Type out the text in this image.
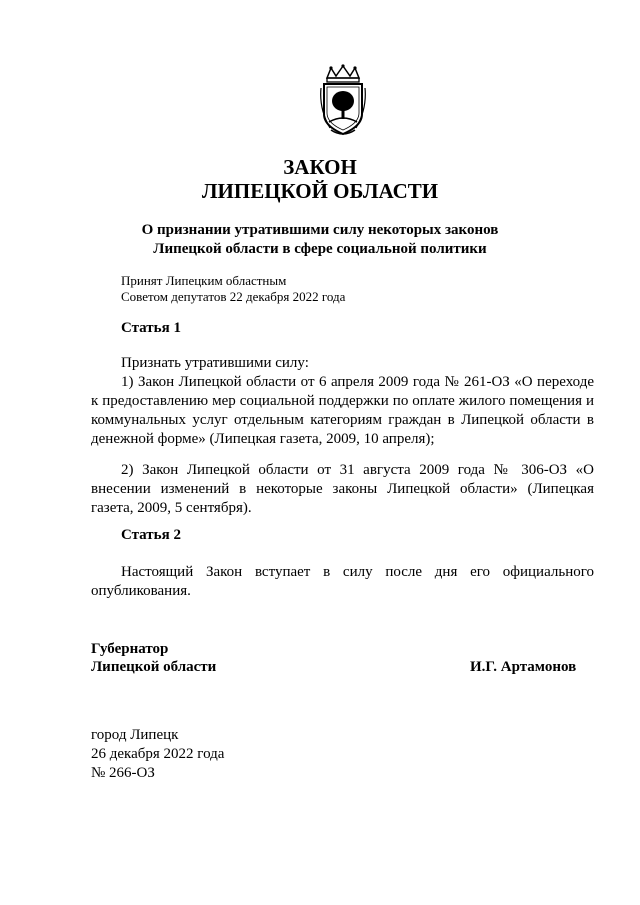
ЗАКОН
ЛИПЕЦКОЙ ОБЛАСТИ
О признании утратившими силу некоторых законов
Липецкой области в сфере социальной политики
Принят Липецким областным
Советом депутатов 22 декабря 2022 года
Статья 1
Признать утратившими силу:
1) Закон Липецкой области от 6 апреля 2009 года № 261-ОЗ «О переходе
к предоставлению мер социальной поддержки по оплате жилого помещения и коммунальных услуг отдельным категориям граждан в Липецкой области в денежной форме» (Липецкая газета, 2009, 10 апреля);
2) Закон Липецкой области от 31 августа 2009 года № 306-ОЗ «О
внесении изменений в некоторые законы Липецкой области» (Липецкая газета, 2009, 5 сентября).
Статья 2
Настоящий Закон вступает в силу после дня его официального
опубликования.
Губернатор
Липецкой области	И.Г. Артамонов
город Липецк
26 декабря 2022 года
№ 266-ОЗ
